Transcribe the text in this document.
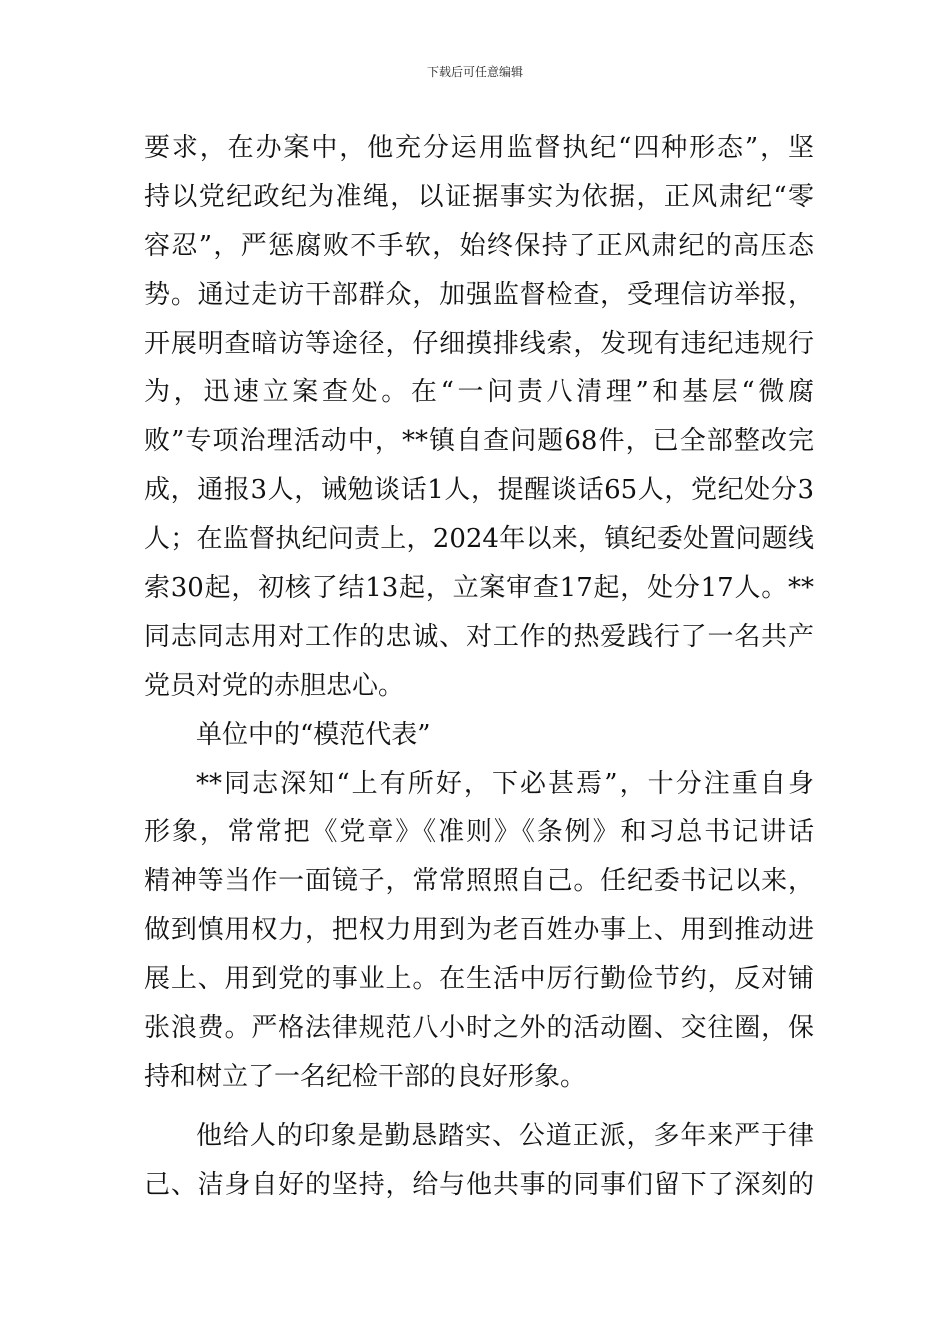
下载后可任意编辑
要求，在办案中，他充分运用监督执纪“四种形态”，坚
持以党纪政纪为准绳，以证据事实为依据，正风肃纪“零
容忍”，严惩腐败不手软，始终保持了正风肃纪的高压态
势。通过走访干部群众，加强监督检查，受理信访举报，
开展明查暗访等途径，仔细摸排线索，发现有违纪违规行
为，迅速立案查处。在“一问责八清理”和基层“微腐
败”专项治理活动中，**镇自查问题68件，已全部整改完
成，通报3人，诫勉谈话1人，提醒谈话65人，党纪处分3
人；在监督执纪问责上，2024年以来，镇纪委处置问题线
索30起，初核了结13起，立案审查17起，处分17人。**
同志同志用对工作的忠诚、对工作的热爱践行了一名共产
党员对党的赤胆忠心。
单位中的“模范代表”
**同志深知“上有所好，下必甚焉”，十分注重自身
形象，常常把《党章》《准则》《条例》和习总书记讲话
精神等当作一面镜子，常常照照自己。任纪委书记以来，
做到慎用权力，把权力用到为老百姓办事上、用到推动进
展上、用到党的事业上。在生活中厉行勤俭节约，反对铺
张浪费。严格法律规范八小时之外的活动圈、交往圈，保
持和树立了一名纪检干部的良好形象。
他给人的印象是勤恳踏实、公道正派，多年来严于律
己、洁身自好的坚持，给与他共事的同事们留下了深刻的
